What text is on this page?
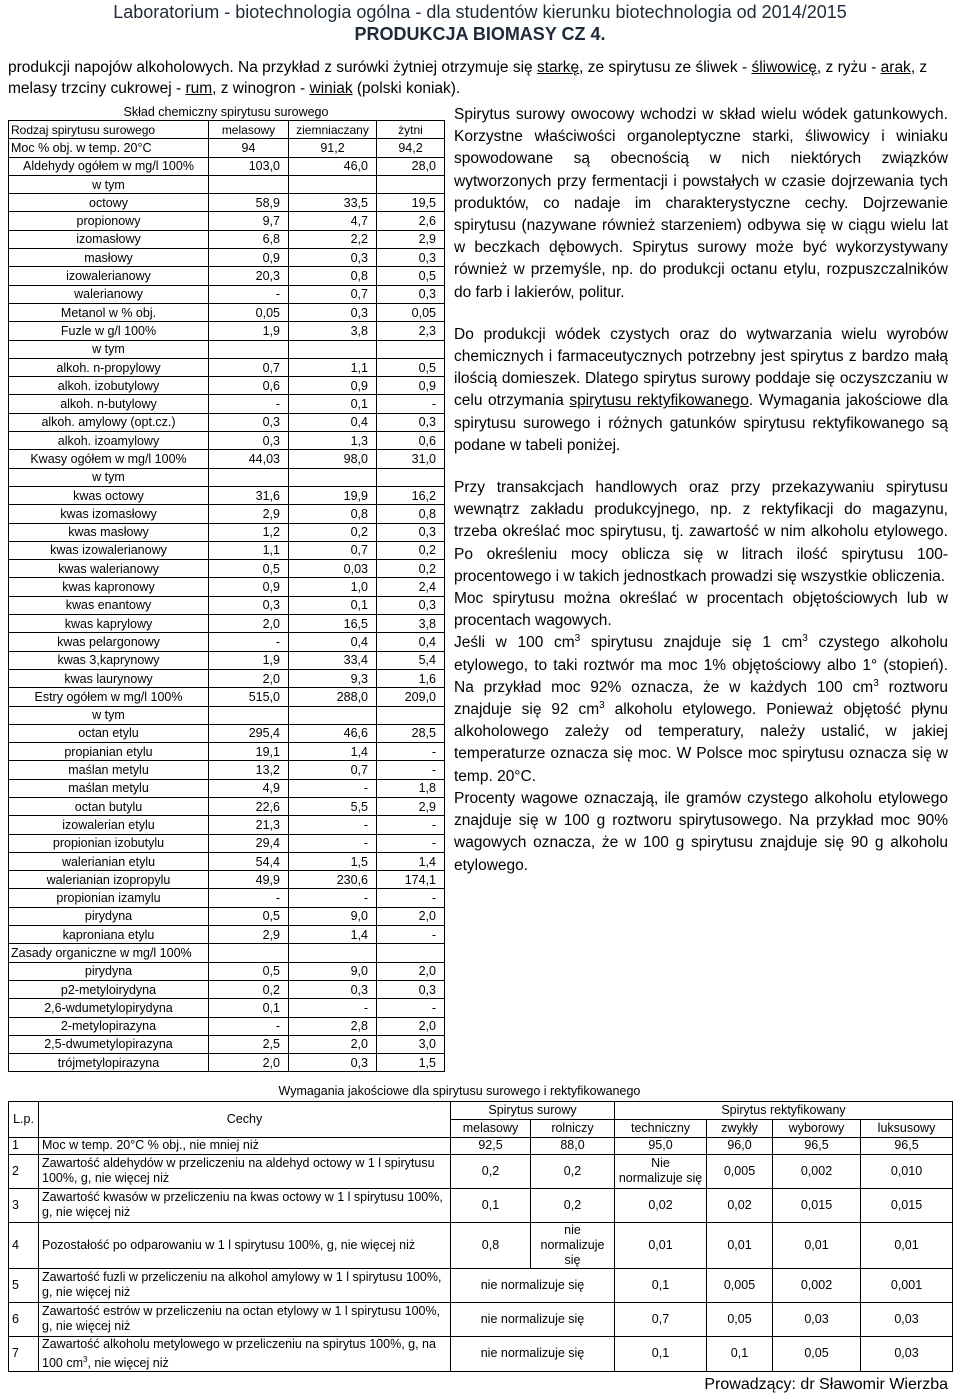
Laboratorium - biotechnologia ogólna - dla studentów kierunku biotechnologia od 2014/2015
PRODUKCJA BIOMASY CZ 4.
produkcji napojów alkoholowych. Na przykład z surówki żytniej otrzymuje się starkę, ze spirytusu ze śliwek - śliwowicę, z ryżu - arak, z melasy trzciny cukrowej - rum, z winogron - winiak (polski koniak).
Skład chemiczny spirytusu surowego
Rodzaj spirytusu surowego	melasowy	ziemniaczany	żytni
Moc % obj. w temp. 20°C	94	91,2	94,2
Aldehydy ogółem w mg/l 100%	103,0	46,0	28,0
w tym			
octowy	58,9	33,5	19,5
propionowy	9,7	4,7	2,6
izomasłowy	6,8	2,2	2,9
masłowy	0,9	0,3	0,3
izowalerianowy	20,3	0,8	0,5
walerianowy	-	0,7	0,3
Metanol w % obj.	0,05	0,3	0,05
Fuzle w g/l 100%	1,9	3,8	2,3
w tym			
alkoh. n-propylowy	0,7	1,1	0,5
alkoh. izobutylowy	0,6	0,9	0,9
alkoh. n-butylowy	-	0,1	-
alkoh. amylowy (opt.cz.)	0,3	0,4	0,3
alkoh. izoamylowy	0,3	1,3	0,6
Kwasy ogółem w mg/l 100%	44,03	98,0	31,0
w tym			
kwas octowy	31,6	19,9	16,2
kwas izomasłowy	2,9	0,8	0,8
kwas masłowy	1,2	0,2	0,3
kwas izowalerianowy	1,1	0,7	0,2
kwas walerianowy	0,5	0,03	0,2
kwas kapronowy	0,9	1,0	2,4
kwas enantowy	0,3	0,1	0,3
kwas kaprylowy	2,0	16,5	3,8
kwas pelargonowy	-	0,4	0,4
kwas 3,kaprynowy	1,9	33,4	5,4
kwas laurynowy	2,0	9,3	1,6
Estry ogółem w mg/l 100%	515,0	288,0	209,0
w tym			
octan etylu	295,4	46,6	28,5
propianian etylu	19,1	1,4	-
maślan metylu	13,2	0,7	-
maślan metylu	4,9	-	1,8
octan butylu	22,6	5,5	2,9
izowalerian etylu	21,3	-	-
propionian izobutylu	29,4	-	-
walerianian etylu	54,4	1,5	1,4
walerianian izopropylu	49,9	230,6	174,1
propionian izamylu	-	-	-
pirydyna	0,5	9,0	2,0
kaproniana etylu	2,9	1,4	-
Zasady organiczne w mg/l 100%			
pirydyna	0,5	9,0	2,0
p2-metyloirydyna	0,2	0,3	0,3
2,6-wdumetylopirydyna	0,1	-	-
2-metylopirazyna	-	2,8	2,0
2,5-dwumetylopirazyna	2,5	2,0	3,0
trójmetylopirazyna	2,0	0,3	1,5

Spirytus surowy owocowy wchodzi w skład wielu wódek gatunkowych. Korzystne właściwości organoleptyczne starki, śliwowicy i winiaku spowodowane są obecnością w nich niektórych związków wytworzonych przy fermentacji i powstałych w czasie dojrzewania tych produktów, co nadaje im charakterystyczne cechy. Dojrzewanie spirytusu (nazywane również starzeniem) odbywa się w ciągu wielu lat w beczkach dębowych. Spirytus surowy może być wykorzystywany również w przemyśle, np. do produkcji octanu etylu, rozpuszczalników do farb i lakierów, politur.

Do produkcji wódek czystych oraz do wytwarzania wielu wyrobów chemicznych i farmaceutycznych potrzebny jest spirytus z bardzo małą ilością domieszek. Dlatego spirytus surowy poddaje się oczyszczaniu w celu otrzymania spirytusu rektyfikowanego. Wymagania jakościowe dla spirytusu surowego i różnych gatunków spirytusu rektyfikowanego są podane w tabeli poniżej.

Przy transakcjach handlowych oraz przy przekazywaniu spirytusu wewnątrz zakładu produkcyjnego, np. z rektyfikacji do magazynu, trzeba określać moc spirytusu, tj. zawartość w nim alkoholu etylowego. Po określeniu mocy oblicza się w litrach ilość spirytusu 100-procentowego i w takich jednostkach prowadzi się wszystkie obliczenia.

Moc spirytusu można określać w procentach objętościowych lub w procentach wagowych.

Jeśli w 100 $cm^3$ spirytusu znajduje się 1 $cm^3$ czystego alkoholu etylowego, to taki roztwór ma moc 1% objętościowy albo 1° (stopień). Na przykład moc 92% oznacza, że w każdych 100 $cm^3$ roztworu znajduje się 92 $cm^3$ alkoholu etylowego. Ponieważ objętość płynu alkoholowego zależy od temperatury, należy ustalić, w jakiej temperaturze oznacza się moc. W Polsce moc spirytusu oznacza się w temp. 20°C.

Procenty wagowe oznaczają, ile gramów czystego alkoholu etylowego znajduje się w 100 g roztworu spirytusowego. Na przykład moc 90% wagowych oznacza, że w 100 g spirytusu znajduje się 90 g alkoholu etylowego.

	Wymagania jakościowe dla spirytusu surowego i rektyfikowanego						
L.p.	Cechy	Spirytus surowy		Spirytus rektyfikowany			
		melasowy	rolniczy	techniczny	zwykły	wyborowy	luksusowy
1	Moc w temp. 20°C % obj., nie mniej niż	92,5	88,0	95,0	96,0	96,5	96,5
2	Zawartość aldehydów w przeliczeniu na aldehyd octowy w 1 l spirytusu 100%, g, nie więcej niż	0,2	0,2	Nie normalizuje się	0,005	0,002	0,010
3	Zawartość kwasów w przeliczeniu na kwas octowy w 1 l spirytusu 100%, g, nie więcej niż	0,1	0,2	0,02	0,02	0,015	0,015
4	Pozostałość po odparowaniu w 1 l spirytusu 100%, g, nie więcej niż	0,8	nie normalizuje się	0,01	0,01	0,01	0,01
5	Zawartość fuzli w przeliczeniu na alkohol amylowy w 1 l spirytusu 100%, g, nie więcej niż	nie normalizuje się		0,1	0,005	0,002	0,001
6	Zawartość estrów w przeliczeniu na octan etylowy w 1 l spirytusu 100%, g, nie więcej niż	nie normalizuje się		0,7	0,05	0,03	0,03
7	Zawartość alkoholu metylowego w przeliczeniu na spirytus 100%, g, na 100 $cm^3$, nie więcej niż	nie normalizuje się		0,1	0,1	0,05	0,03
Prowadzący: dr Sławomir Wierzba
